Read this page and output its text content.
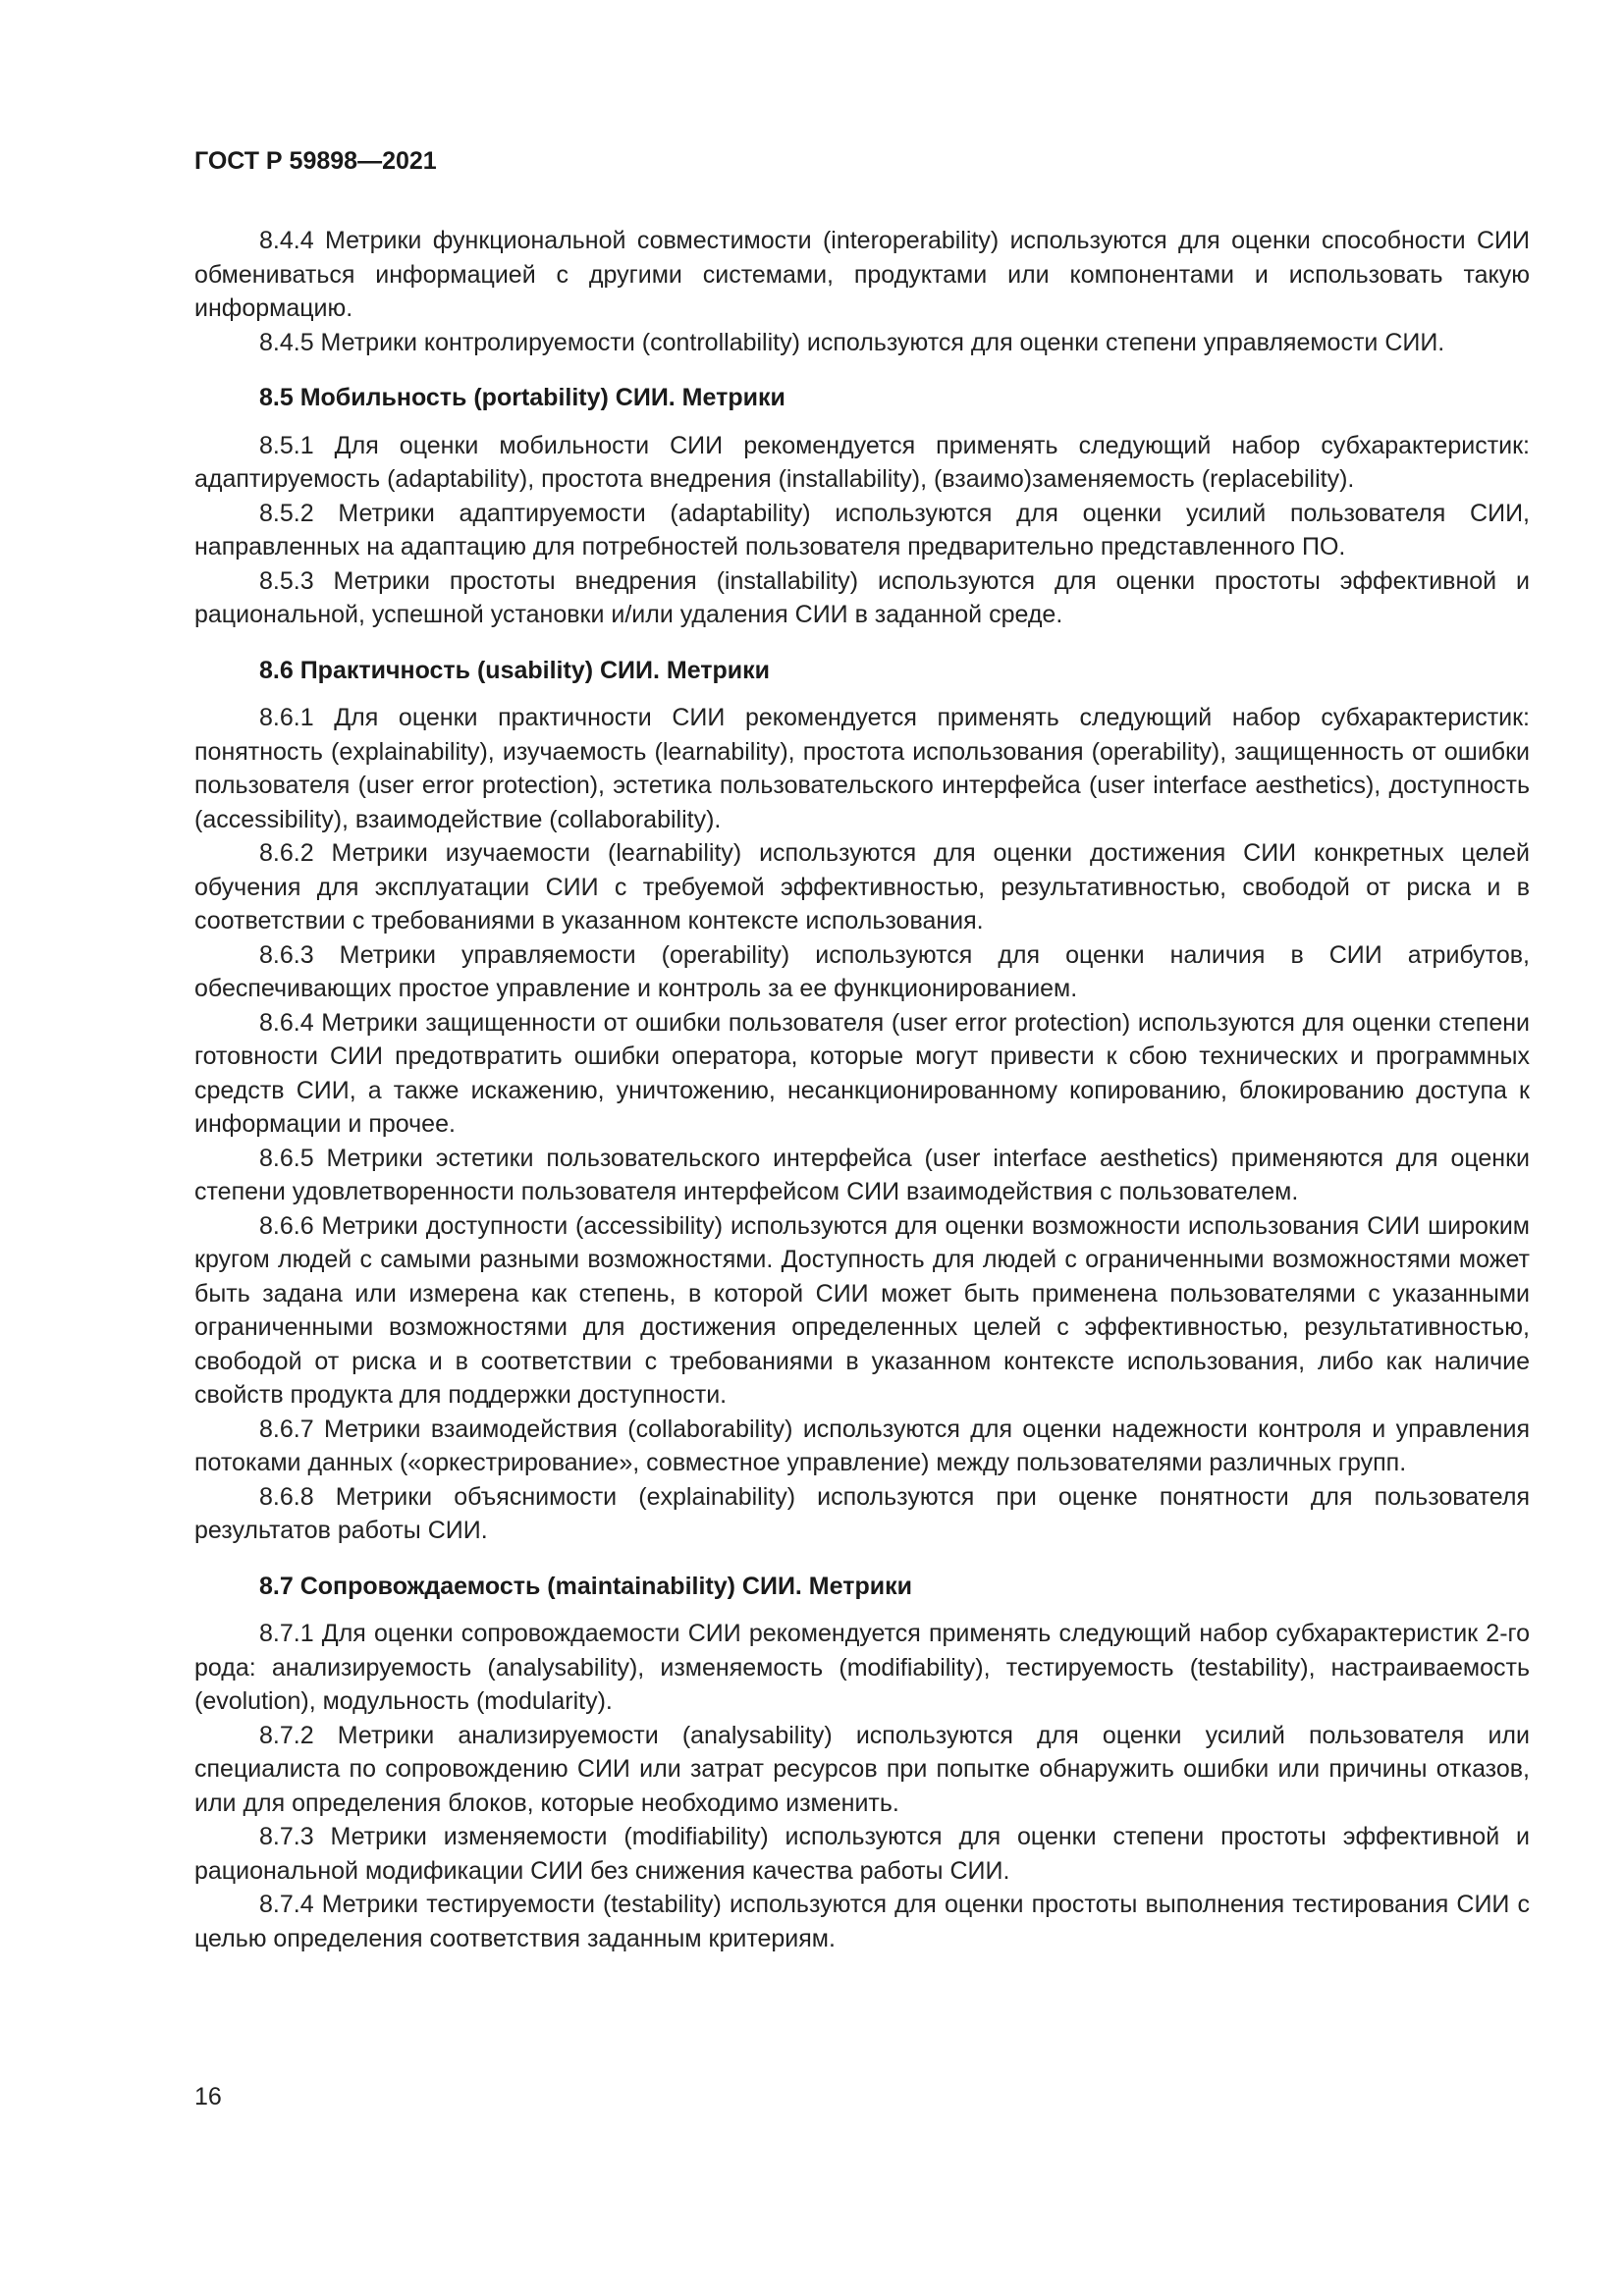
ГОСТ Р 59898—2021

8.4.4 Метрики функциональной совместимости (interoperability) используются для оценки способности СИИ обмениваться информацией с другими системами, продуктами или компонентами и использовать такую информацию.

8.4.5 Метрики контролируемости (controllability) используются для оценки степени управляемости СИИ.

8.5 Мобильность (portability) СИИ. Метрики

8.5.1 Для оценки мобильности СИИ рекомендуется применять следующий набор субхарактеристик: адаптируемость (adaptability), простота внедрения (installability), (взаимо)заменяемость (replacebility).

8.5.2 Метрики адаптируемости (adaptability) используются для оценки усилий пользователя СИИ, направленных на адаптацию для потребностей пользователя предварительно представленного ПО.

8.5.3 Метрики простоты внедрения (installability) используются для оценки простоты эффективной и рациональной, успешной установки и/или удаления СИИ в заданной среде.

8.6 Практичность (usability) СИИ. Метрики

8.6.1 Для оценки практичности СИИ рекомендуется применять следующий набор субхарактеристик: понятность (explainability), изучаемость (learnability), простота использования (operability), защищенность от ошибки пользователя (user error protection), эстетика пользовательского интерфейса (user interface aesthetics), доступность (accessibility), взаимодействие (collaborability).

8.6.2 Метрики изучаемости (learnability) используются для оценки достижения СИИ конкретных целей обучения для эксплуатации СИИ с требуемой эффективностью, результативностью, свободой от риска и в соответствии с требованиями в указанном контексте использования.

8.6.3 Метрики управляемости (operability) используются для оценки наличия в СИИ атрибутов, обеспечивающих простое управление и контроль за ее функционированием.

8.6.4 Метрики защищенности от ошибки пользователя (user error protection) используются для оценки степени готовности СИИ предотвратить ошибки оператора, которые могут привести к сбою технических и программных средств СИИ, а также искажению, уничтожению, несанкционированному копированию, блокированию доступа к информации и прочее.

8.6.5 Метрики эстетики пользовательского интерфейса (user interface aesthetics) применяются для оценки степени удовлетворенности пользователя интерфейсом СИИ взаимодействия с пользователем.

8.6.6 Метрики доступности (accessibility) используются для оценки возможности использования СИИ широким кругом людей с самыми разными возможностями. Доступность для людей с ограниченными возможностями может быть задана или измерена как степень, в которой СИИ может быть применена пользователями с указанными ограниченными возможностями для достижения определенных целей с эффективностью, результативностью, свободой от риска и в соответствии с требованиями в указанном контексте использования, либо как наличие свойств продукта для поддержки доступности.

8.6.7 Метрики взаимодействия (collaborability) используются для оценки надежности контроля и управления потоками данных («оркестрирование», совместное управление) между пользователями различных групп.

8.6.8 Метрики объяснимости (explainability) используются при оценке понятности для пользователя результатов работы СИИ.

8.7 Сопровождаемость (maintainability) СИИ. Метрики

8.7.1 Для оценки сопровождаемости СИИ рекомендуется применять следующий набор субхарактеристик 2-го рода: анализируемость (analysability), изменяемость (modifiability), тестируемость (testability), настраиваемость (evolution), модульность (modularity).

8.7.2 Метрики анализируемости (analysability) используются для оценки усилий пользователя или специалиста по сопровождению СИИ или затрат ресурсов при попытке обнаружить ошибки или причины отказов, или для определения блоков, которые необходимо изменить.

8.7.3 Метрики изменяемости (modifiability) используются для оценки степени простоты эффективной и рациональной модификации СИИ без снижения качества работы СИИ.

8.7.4 Метрики тестируемости (testability) используются для оценки простоты выполнения тестирования СИИ с целью определения соответствия заданным критериям.

16
